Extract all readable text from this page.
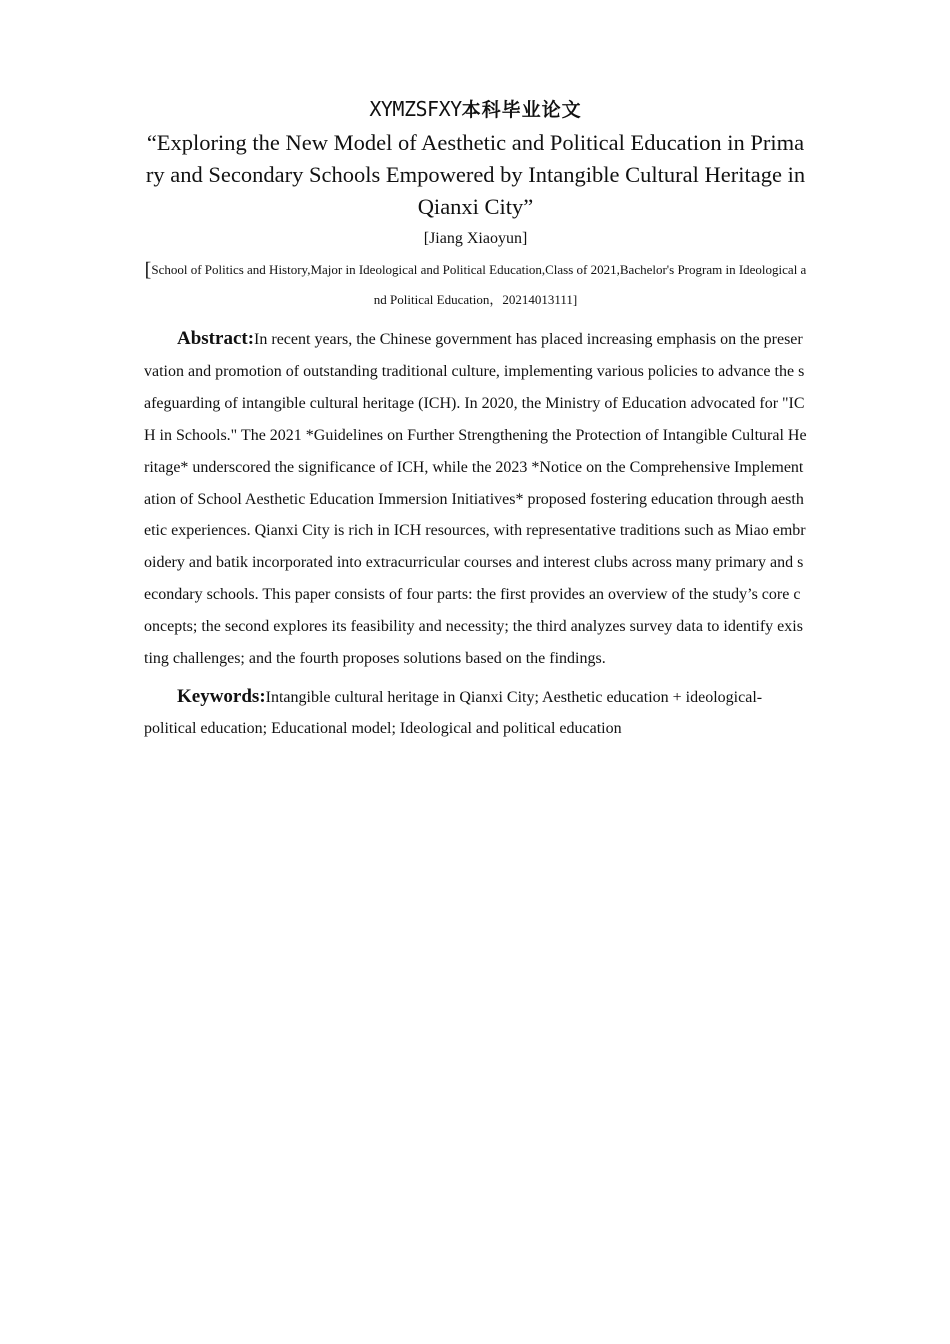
XYMZSFXY本科毕业论文
“Exploring the New Model of Aesthetic and Political Education in Primary and Secondary Schools Empowered by Intangible Cultural Heritage in Qianxi City”
[Jiang Xiaoyun]
[School of Politics and History,Major in Ideological and Political Education,Class of 2021,Bachelor's Program in Ideological and Political Education，20214013111]
Abstract:In recent years, the Chinese government has placed increasing emphasis on the preservation and promotion of outstanding traditional culture, implementing various policies to advance the safeguarding of intangible cultural heritage (ICH). In 2020, the Ministry of Education advocated for "ICH in Schools." The 2021 *Guidelines on Further Strengthening the Protection of Intangible Cultural Heritage* underscored the significance of ICH, while the 2023 *Notice on the Comprehensive Implementation of School Aesthetic Education Immersion Initiatives* proposed fostering education through aesthetic experiences. Qianxi City is rich in ICH resources, with representative traditions such as Miao embroidery and batik incorporated into extracurricular courses and interest clubs across many primary and secondary schools. This paper consists of four parts: the first provides an overview of the study’s core concepts; the second explores its feasibility and necessity; the third analyzes survey data to identify existing challenges; and the fourth proposes solutions based on the findings.
Keywords:Intangible cultural heritage in Qianxi City; Aesthetic education + ideological-political education; Educational model; Ideological and political education
